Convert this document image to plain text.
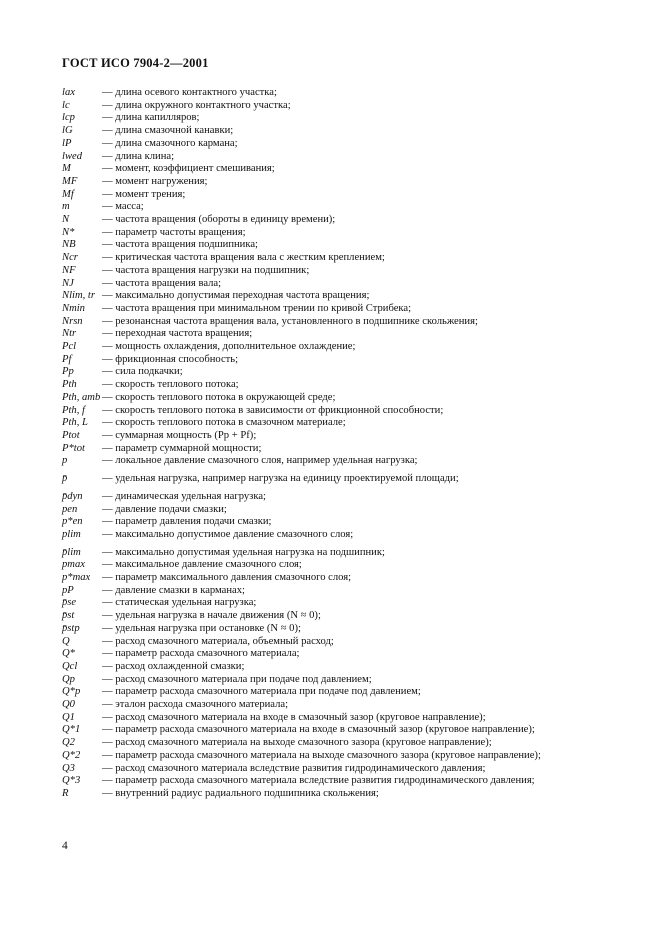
ГОСТ ИСО 7904-2—2001
lax	— длина осевого контактного участка;
lc	— длина окружного контактного участка;
lcp	— длина капилляров;
lG	— длина смазочной канавки;
lP	— длина смазочного кармана;
lwed	— длина клина;
M	— момент, коэффициент смешивания;
MF	— момент нагружения;
Mf	— момент трения;
m	— масса;
N	— частота вращения (обороты в единицу времени);
N*	— параметр частоты вращения;
NB	— частота вращения подшипника;
Ncr	— критическая частота вращения вала с жестким креплением;
NF	— частота вращения нагрузки на подшипник;
NJ	— частота вращения вала;
Nlim, tr — максимально допустимая переходная частота вращения;
Nmin	— частота вращения при минимальном трении по кривой Стрибека;
Nrsn	— резонансная частота вращения вала, установленного в подшипнике скольжения;
Ntr	— переходная частота вращения;
Pcl	— мощность охлаждения, дополнительное охлаждение;
Pf	— фрикционная способность;
Pp	— сила подкачки;
Pth	— скорость теплового потока;
Pth, amb — скорость теплового потока в окружающей среде;
Pth, f	— скорость теплового потока в зависимости от фрикционной способности;
Pth, L	— скорость теплового потока в смазочном материале;
Ptot	— суммарная мощность (Pp + Pf);
P*tot	— параметр суммарной мощности;
p	— локальное давление смазочного слоя, например удельная нагрузка;
p̄	— удельная нагрузка, например нагрузка на единицу проектируемой площади;
p̄dyn	— динамическая удельная нагрузка;
pen	— давление подачи смазки;
p*en	— параметр давления подачи смазки;
plim	— максимально допустимое давление смазочного слоя;
p̄lim	— максимально допустимая удельная нагрузка на подшипник;
pmax	— максимальное давление смазочного слоя;
p*max	— параметр максимального давления смазочного слоя;
pP	— давление смазки в карманах;
p̄se	— статическая удельная нагрузка;
p̄st	— удельная нагрузка в начале движения (N ≈ 0);
p̄stp	— удельная нагрузка при остановке (N ≈ 0);
Q	— расход смазочного материала, объемный расход;
Q*	— параметр расхода смазочного материала;
Qcl	— расход охлажденной смазки;
Qp	— расход смазочного материала при подаче под давлением;
Q*p	— параметр расхода смазочного материала при подаче под давлением;
Q0	— эталон расхода смазочного материала;
Q1	— расход смазочного материала на входе в смазочный зазор (круговое направление);
Q*1	— параметр расхода смазочного материала на входе в смазочный зазор (круговое направление);
Q2	— расход смазочного материала на выходе смазочного зазора (круговое направление);
Q*2	— параметр расхода смазочного материала на выходе смазочного зазора (круговое направление);
Q3	— расход смазочного материала вследствие развития гидродинамического давления;
Q*3	— параметр расхода смазочного материала вследствие развития гидродинамического давления;
R	— внутренний радиус радиального подшипника скольжения;
4
